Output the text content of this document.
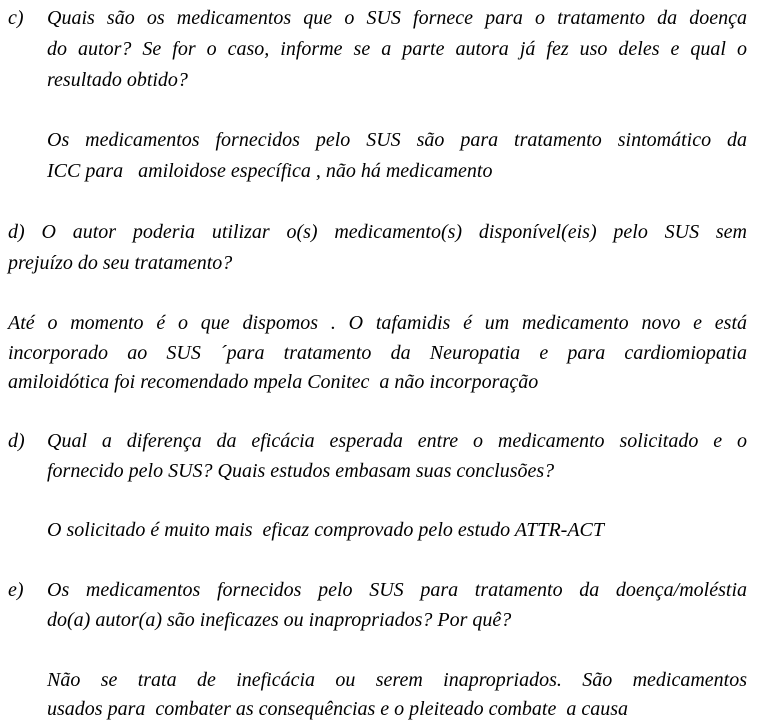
c) Quais são os medicamentos que o SUS fornece para o tratamento da doença
do autor? Se for o caso, informe se a parte autora já fez uso deles e qual o
resultado obtido?
Os medicamentos fornecidos pelo SUS são para tratamento sintomático da
ICC para   amiloidose específica , não há medicamento
d) O autor poderia utilizar o(s) medicamento(s) disponível(eis) pelo SUS sem
prejuízo do seu tratamento?
Até o momento é o que dispomos . O tafamidis é um medicamento novo e está
incorporado ao SUS ´para tratamento da Neuropatia e para cardiomiopatia
amiloidótica foi recomendado mpela Conitec  a não incorporação
d) Qual a diferença da eficácia esperada entre o medicamento solicitado e o
fornecido pelo SUS? Quais estudos embasam suas conclusões?
O solicitado é muito mais  eficaz comprovado pelo estudo ATTR-ACT
e) Os medicamentos fornecidos pelo SUS para tratamento da doença/moléstia
do(a) autor(a) são ineficazes ou inapropriados? Por quê?
Não se trata de ineficácia ou serem inapropriados. São medicamentos
usados para  combater as consequências e o pleiteado combate  a causa
